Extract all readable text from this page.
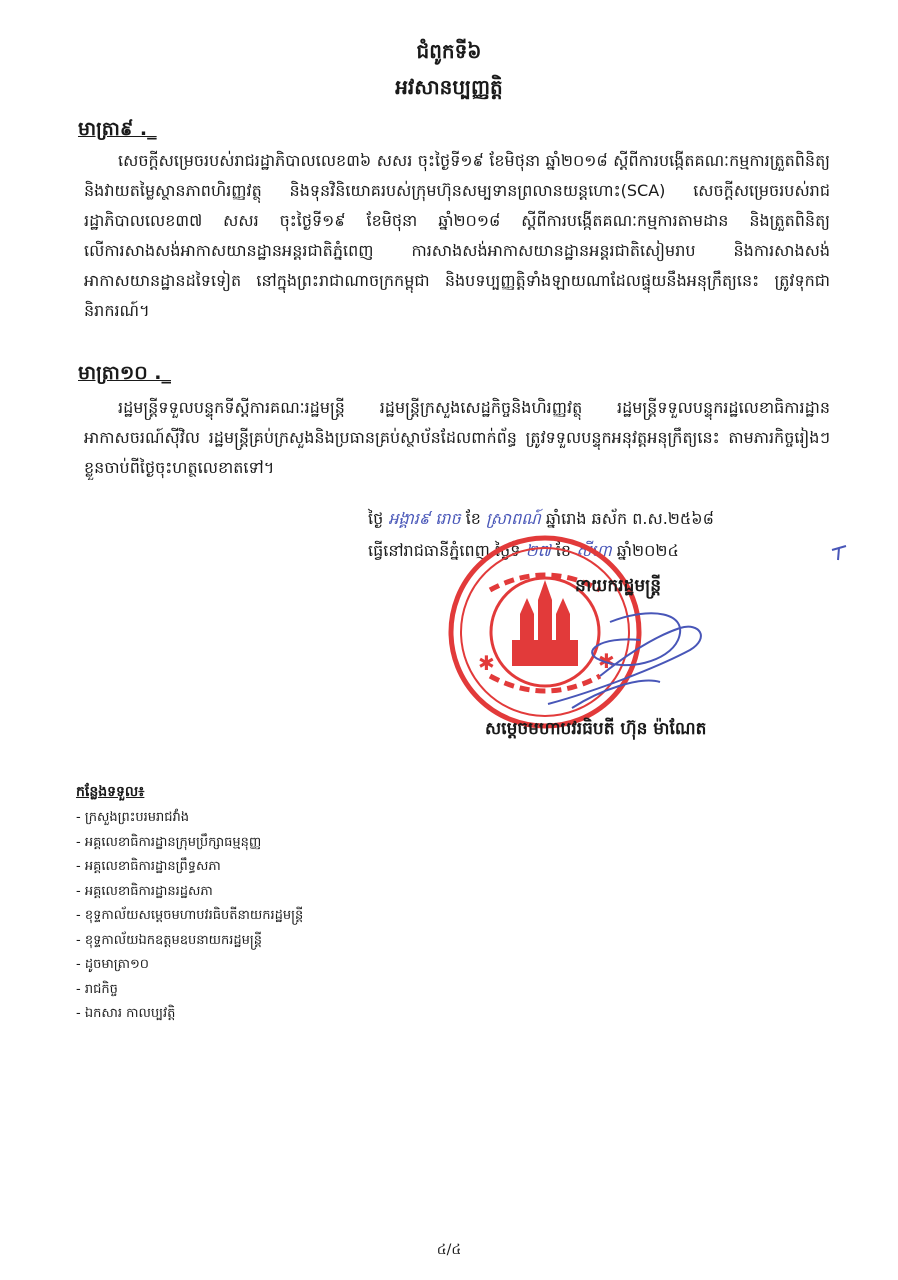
ជំពូកទី៦
អវសានប្បញ្ញត្តិ
មាត្រា៩ ._
សេចក្តីសម្រេចរបស់រាជរដ្ឋាភិបាលលេខ៣៦ សសរ ចុះថ្ងៃទី១៩ ខែមិថុនា ឆ្នាំ២០១៨ ស្តីពីការបង្កើតគណៈកម្មការត្រួតពិនិត្យ និងវាយតម្លៃស្ថានភាពហិរញ្ញវត្ថុ និងទុនវិនិយោគរបស់ក្រុមហ៊ុនសម្បទានព្រលានយន្តហោះ(SCA) សេចក្តីសម្រេចរបស់រាជរដ្ឋាភិបាលលេខ៣៧ សសរ ចុះថ្ងៃទី១៩ ខែមិថុនា ឆ្នាំ២០១៨ ស្តីពីការបង្កើតគណៈកម្មការតាមដាន និងត្រួតពិនិត្យលើការសាងសង់អាកាសយានដ្ឋានអន្តរជាតិភ្នំពេញ ការសាងសង់អាកាសយានដ្ឋានអន្តរជាតិសៀមរាប និងការសាងសង់អាកាសយានដ្ឋានដទៃទៀត នៅក្នុងព្រះរាជាណាចក្រកម្ពុជា និងបទប្បញ្ញត្តិទាំងឡាយណាដែលផ្ទុយនឹងអនុក្រឹត្យនេះ ត្រូវទុកជានិរាករណ៍។
មាត្រា១០ ._
រដ្ឋមន្ត្រីទទួលបន្ទុកទីស្តីការគណៈរដ្ឋមន្ត្រី រដ្ឋមន្ត្រីក្រសួងសេដ្ឋកិច្ចនិងហិរញ្ញវត្ថុ រដ្ឋមន្ត្រីទទួលបន្ទុករដ្ឋលេខាធិការដ្ឋានអាកាសចរណ៍ស៊ីវិល រដ្ឋមន្ត្រីគ្រប់ក្រសួងនិងប្រធានគ្រប់ស្ថាប័នដែលពាក់ព័ន្ធ ត្រូវទទួលបន្ទុកអនុវត្តអនុក្រឹត្យនេះ តាមភារកិច្ចរៀងៗខ្លួនចាប់ពីថ្ងៃចុះហត្ថលេខាតទៅ។
ថ្ងៃ អង្គារ៩ រោច ខែ ស្រាពណ៍ ឆ្នាំរោង ឆស័ក ព.ស.២៥៦៨
ធ្វើនៅរាជធានីភ្នំពេញ ថ្ងៃទី ២៧ ខែ សីហា ឆ្នាំ២០២៤
✱	✱
នាយករដ្ឋមន្ត្រី
សម្តេចមហាបវរធិបតី ហ៊ុន ម៉ាណែត
កន្លែងទទួល៖
- ក្រសួងព្រះបរមរាជវាំង
- អគ្គលេខាធិការដ្ឋានក្រុមប្រឹក្សាធម្មនុញ្ញ
- អគ្គលេខាធិការដ្ឋានព្រឹទ្ធសភា
- អគ្គលេខាធិការដ្ឋានរដ្ឋសភា
- ខុទ្ទកាល័យសម្តេចមហាបវរធិបតីនាយករដ្ឋមន្ត្រី
- ខុទ្ទកាល័យឯកឧត្តមឧបនាយករដ្ឋមន្ត្រី
- ដូចមាត្រា១០
- រាជកិច្ច
- ឯកសារ កាលប្បវត្តិ
៤/៤
